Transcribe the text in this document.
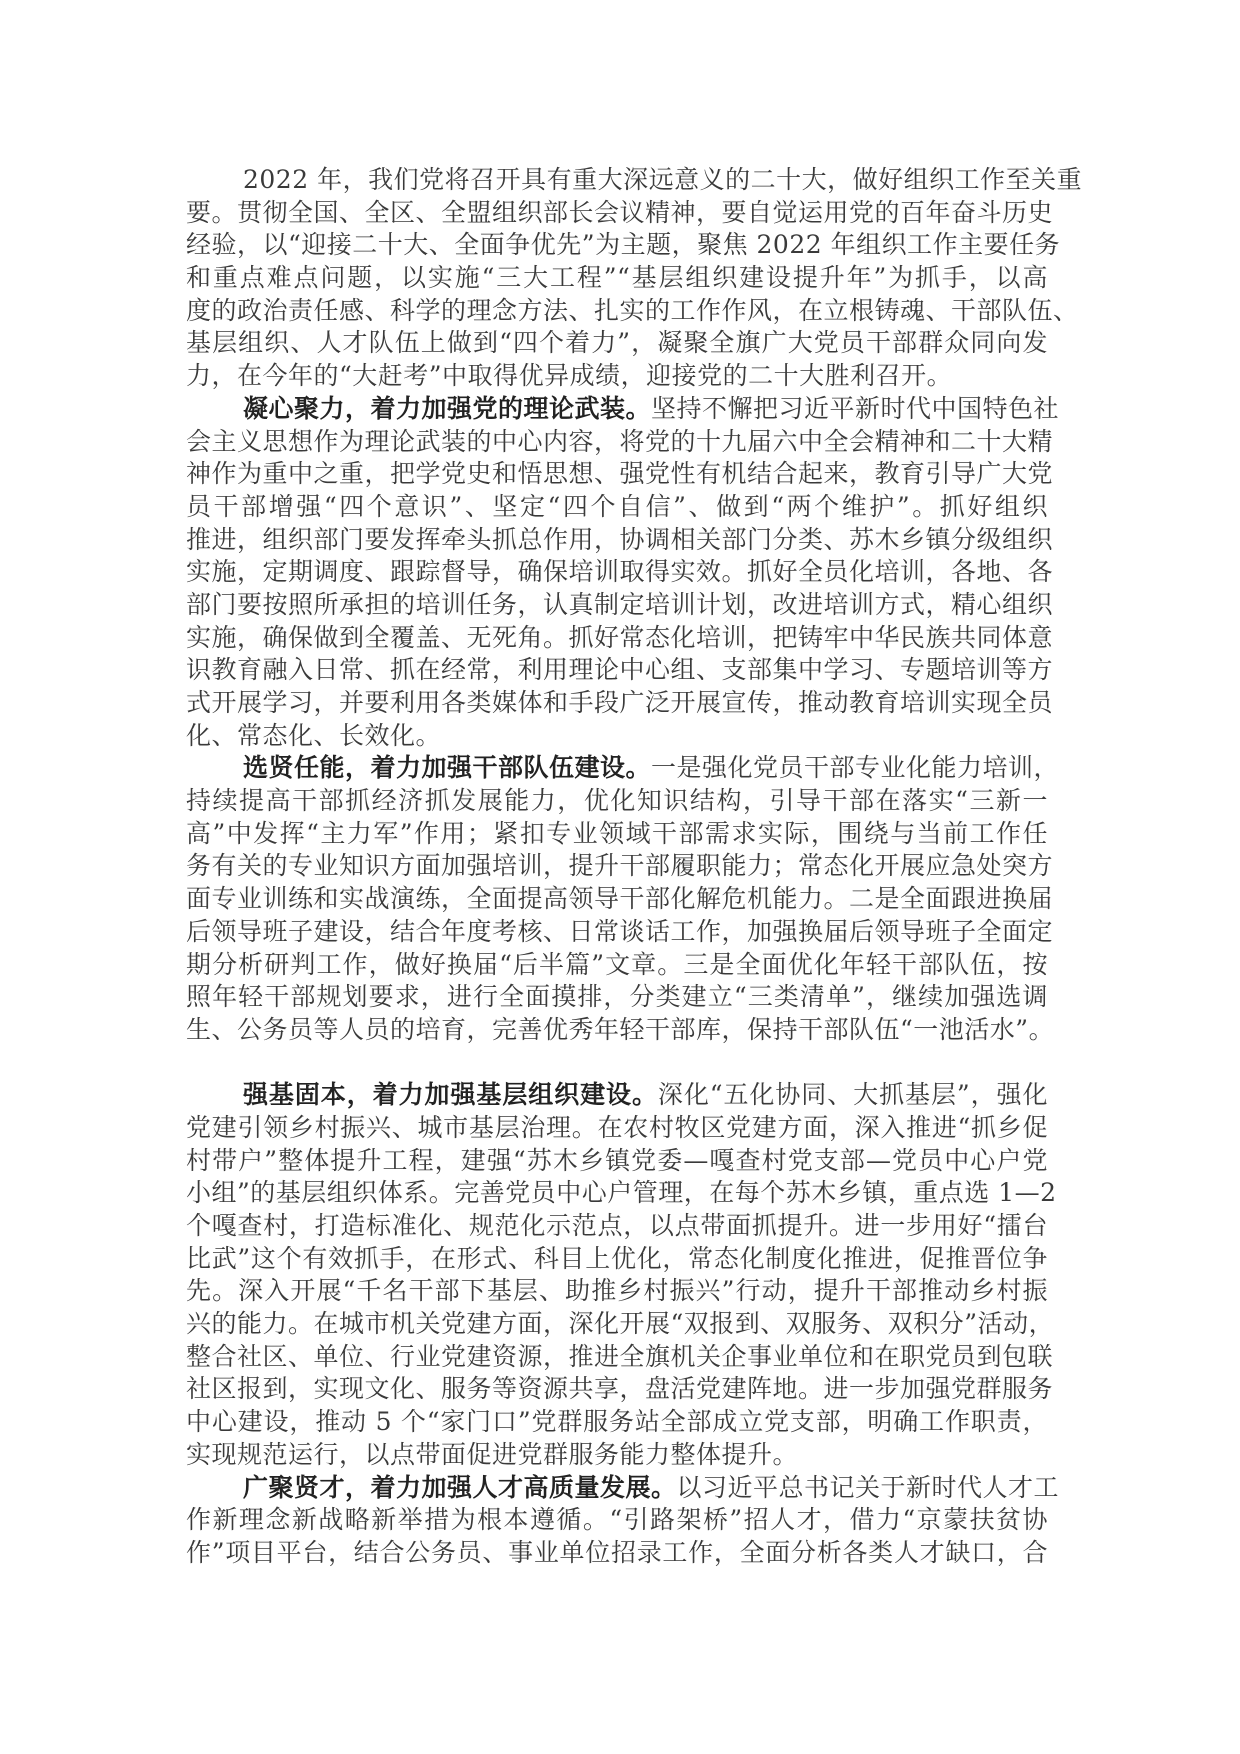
2022 年，我们党将召开具有重大深远意义的二十大，做好组织工作至关重
要。贯彻全国、全区、全盟组织部长会议精神，要自觉运用党的百年奋斗历史
经验，以“迎接二十大、全面争优先”为主题，聚焦 2022 年组织工作主要任务
和重点难点问题，以实施“三大工程”“基层组织建设提升年”为抓手，以高
度的政治责任感、科学的理念方法、扎实的工作作风，在立根铸魂、干部队伍、
基层组织、人才队伍上做到“四个着力”，凝聚全旗广大党员干部群众同向发
力，在今年的“大赶考”中取得优异成绩，迎接党的二十大胜利召开。
凝心聚力，着力加强党的理论武装。坚持不懈把习近平新时代中国特色社
会主义思想作为理论武装的中心内容，将党的十九届六中全会精神和二十大精
神作为重中之重，把学党史和悟思想、强党性有机结合起来，教育引导广大党
员干部增强“四个意识”、坚定“四个自信”、做到“两个维护”。抓好组织
推进，组织部门要发挥牵头抓总作用，协调相关部门分类、苏木乡镇分级组织
实施，定期调度、跟踪督导，确保培训取得实效。抓好全员化培训，各地、各
部门要按照所承担的培训任务，认真制定培训计划，改进培训方式，精心组织
实施，确保做到全覆盖、无死角。抓好常态化培训，把铸牢中华民族共同体意
识教育融入日常、抓在经常，利用理论中心组、支部集中学习、专题培训等方
式开展学习，并要利用各类媒体和手段广泛开展宣传，推动教育培训实现全员
化、常态化、长效化。
选贤任能，着力加强干部队伍建设。一是强化党员干部专业化能力培训，
持续提高干部抓经济抓发展能力，优化知识结构，引导干部在落实“三新一
高”中发挥“主力军”作用；紧扣专业领域干部需求实际，围绕与当前工作任
务有关的专业知识方面加强培训，提升干部履职能力；常态化开展应急处突方
面专业训练和实战演练，全面提高领导干部化解危机能力。二是全面跟进换届
后领导班子建设，结合年度考核、日常谈话工作，加强换届后领导班子全面定
期分析研判工作，做好换届“后半篇”文章。三是全面优化年轻干部队伍，按
照年轻干部规划要求，进行全面摸排，分类建立“三类清单”，继续加强选调
生、公务员等人员的培育，完善优秀年轻干部库，保持干部队伍“一池活水”。
强基固本，着力加强基层组织建设。深化“五化协同、大抓基层”，强化
党建引领乡村振兴、城市基层治理。在农村牧区党建方面，深入推进“抓乡促
村带户”整体提升工程，建强“苏木乡镇党委—嘎查村党支部—党员中心户党
小组”的基层组织体系。完善党员中心户管理，在每个苏木乡镇，重点选 1—2
个嘎查村，打造标准化、规范化示范点，以点带面抓提升。进一步用好“擂台
比武”这个有效抓手，在形式、科目上优化，常态化制度化推进，促推晋位争
先。深入开展“千名干部下基层、助推乡村振兴”行动，提升干部推动乡村振
兴的能力。在城市机关党建方面，深化开展“双报到、双服务、双积分”活动，
整合社区、单位、行业党建资源，推进全旗机关企事业单位和在职党员到包联
社区报到，实现文化、服务等资源共享，盘活党建阵地。进一步加强党群服务
中心建设，推动 5 个“家门口”党群服务站全部成立党支部，明确工作职责，
实现规范运行，以点带面促进党群服务能力整体提升。
广聚贤才，着力加强人才高质量发展。以习近平总书记关于新时代人才工
作新理念新战略新举措为根本遵循。“引路架桥”招人才，借力“京蒙扶贫协
作”项目平台，结合公务员、事业单位招录工作，全面分析各类人才缺口，合
